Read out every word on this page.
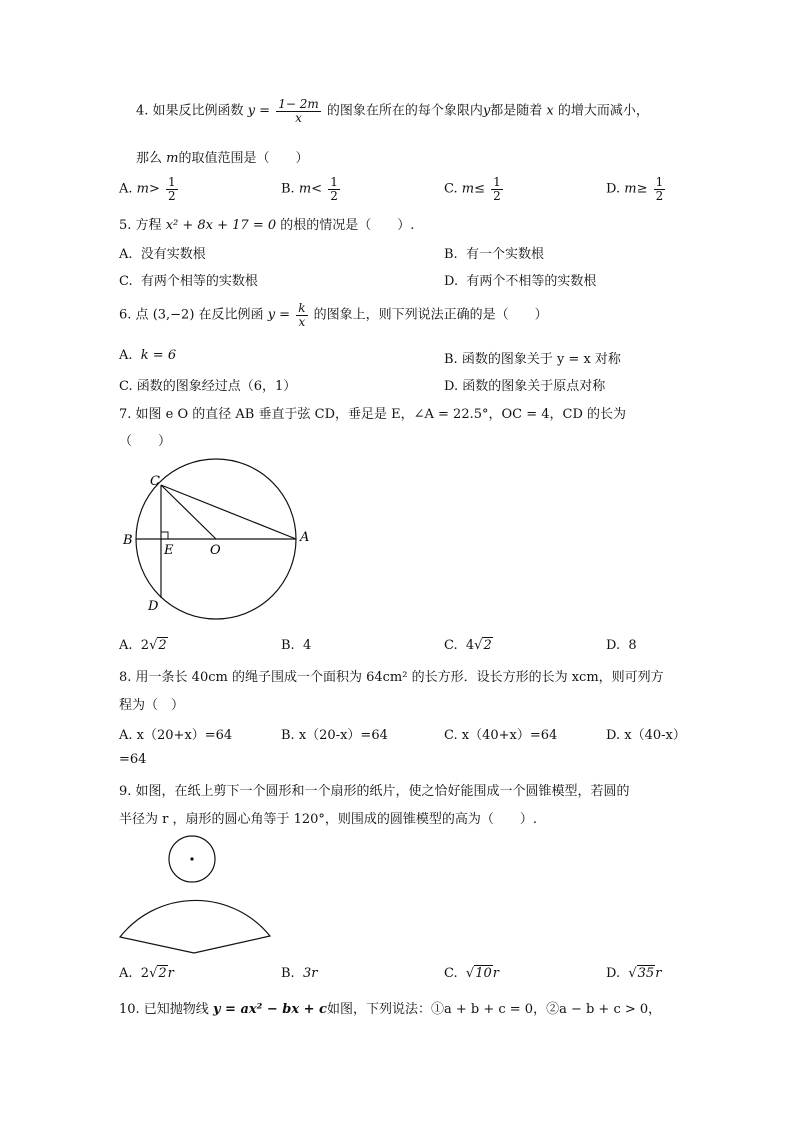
4. 如果反比例函数 $y = \frac{1- 2m}{x}$ 的图象在所在的每个象限内y都是随着 x 的增大而减小，
那么 m的取值范围是（　　）
A. $m> \frac{1}{2}$	B. $m< \frac{1}{2}$	C. $m\le \frac{1}{2}$	D. $m\ge \frac{1}{2}$
5. 方程 x² + 8x + 17 = 0 的根的情况是（　　）.
A. 没有实数根	B. 有一个实数根
C. 有两个相等的实数根	D. 有两个不相等的实数根
6. 点 (3,−2) 在反比例函 $y = \frac{k}{x}$ 的图象上，则下列说法正确的是（　　）
A. k = 6	B. 函数的图象关于 y = x 对称
C. 函数的图象经过点（6，1）	D. 函数的图象关于原点对称
7. 如图 e O 的直径 AB 垂直于弦 CD，垂足是 E，∠A = 22.5°，OC = 4，CD 的长为
（　　）
C
B
E	O
A
D
A. 2√2	B. 4	C. 4√2	D. 8
8. 用一条长 40cm 的绳子围成一个面积为 64cm² 的长方形．设长方形的长为 xcm，则可列方
程为（　）
A. x（20+x）=64	B. x（20-x）=64	C. x（40+x）=64	D. x（40-x）
=64
9. 如图，在纸上剪下一个圆形和一个扇形的纸片，使之恰好能围成一个圆锥模型，若圆的
半径为 r ，扇形的圆心角等于 120°，则围成的圆锥模型的高为（　　）.
A. 2√2r	B. 3r	C. √10r	D. √35r
10. 已知抛物线 y = ax² − bx + c如图，下列说法：①a + b + c = 0，②a − b + c > 0，
